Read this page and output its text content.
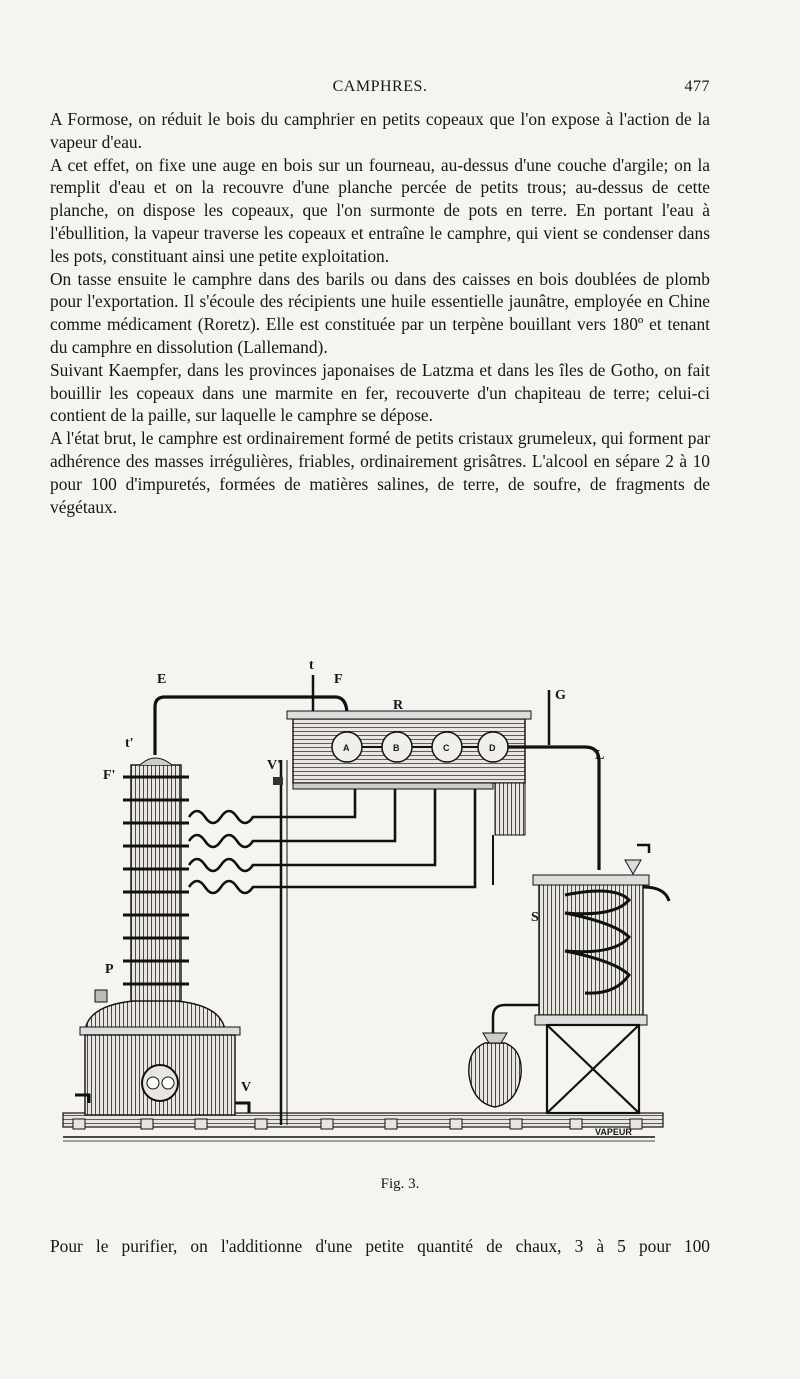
CAMPHRES.	477

A Formose, on réduit le bois du camphrier en petits copeaux que l'on expose à l'action de la vapeur d'eau.

A cet effet, on fixe une auge en bois sur un fourneau, au-dessus d'une couche d'argile; on la remplit d'eau et on la recouvre d'une planche percée de petits trous; au-dessus de cette planche, on dispose les copeaux, que l'on surmonte de pots en terre. En portant l'eau à l'ébullition, la vapeur traverse les copeaux et entraîne le camphre, qui vient se condenser dans les pots, constituant ainsi une petite exploitation.

On tasse ensuite le camphre dans des barils ou dans des caisses en bois doublées de plomb pour l'exportation. Il s'écoule des récipients une huile essentielle jaunâtre, employée en Chine comme médicament (Roretz). Elle est constituée par un terpène bouillant vers 180º et tenant du camphre en dissolution (Lallemand).

Suivant Kaempfer, dans les provinces japonaises de Latzma et dans les îles de Gotho, on fait bouillir les copeaux dans une marmite en fer, recouverte d'un chapiteau de terre; celui-ci contient de la paille, sur laquelle le camphre se dépose.

A l'état brut, le camphre est ordinairement formé de petits cristaux grumeleux, qui forment par adhérence des masses irrégulières, friables, ordinairement grisâtres. L'alcool en sépare 2 à 10 pour 100 d'impuretés, formées de matières salines, de terre, de soufre, de fragments de végétaux.

E
t
F
R
G
t'
F'
V'
L
S
P
V
A	B	C	D
VAPEUR
Fig. 3.
Pour le purifier, on l'additionne d'une petite quantité de chaux, 3 à 5 pour 100
